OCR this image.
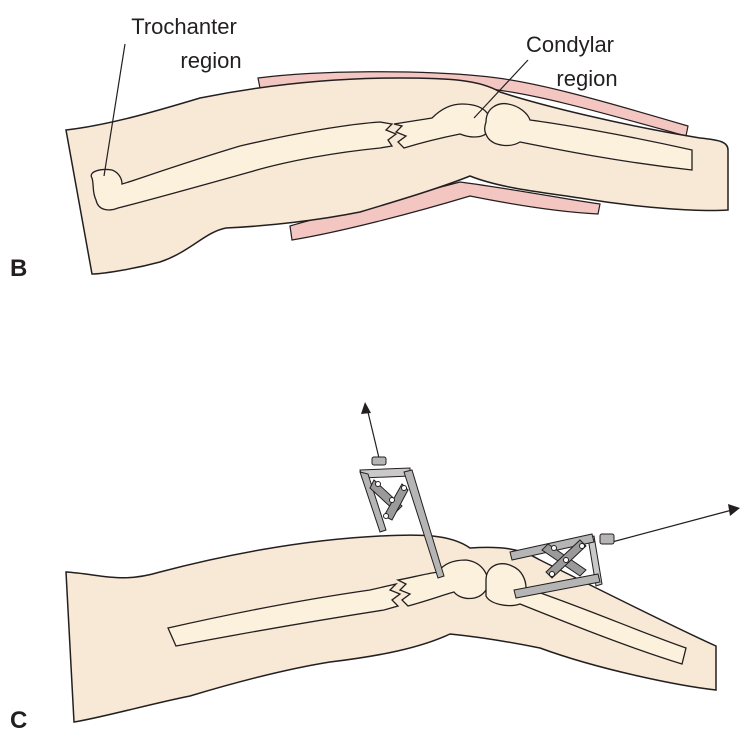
Trochanter
region
Condylar
region
B
C
